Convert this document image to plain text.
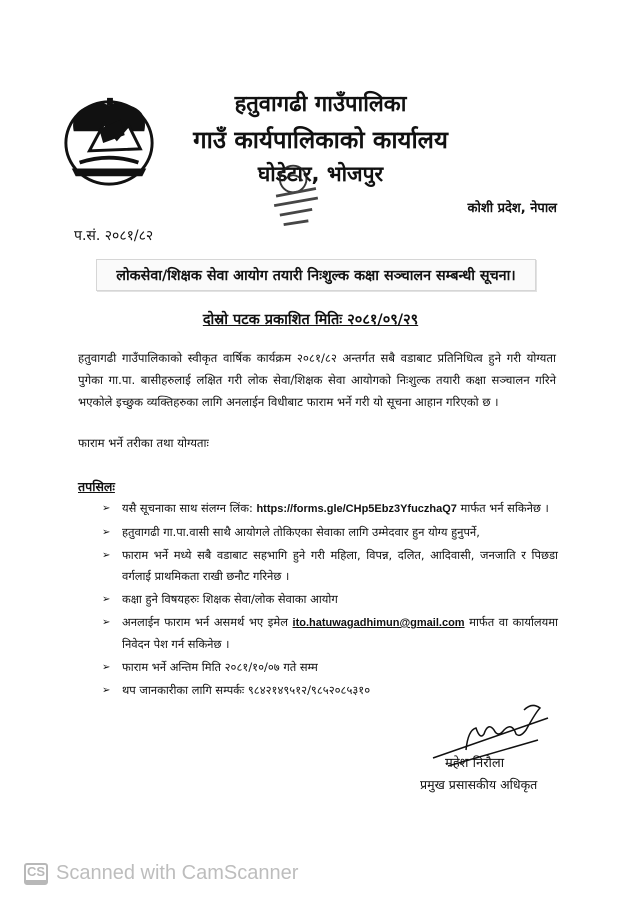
हतुवागढी गाउँपालिका
गाउँ कार्यपालिकाको कार्यालय
घोडेटार, भोजपुर
कोशी प्रदेश, नेपाल
प.सं. २०८१/८२
लोकसेवा/शिक्षक सेवा आयोग तयारी निःशुल्क कक्षा सञ्चालन सम्बन्धी सूचना।
दोस्रो पटक प्रकाशित मितिः २०८१/०९/२९
हतुवागढी गाउँपालिकाको स्वीकृत वार्षिक कार्यक्रम २०८१/८२ अन्तर्गत सबै वडाबाट प्रतिनिधित्व हुने गरी योग्यता पुगेका गा.पा. बासीहरुलाई लक्षित गरी लोक सेवा/शिक्षक सेवा आयोगको निःशुल्क तयारी कक्षा सञ्चालन गरिने भएकोले इच्छुक व्यक्तिहरुका लागि अनलाईन विधीबाट फाराम भर्ने गरी यो सूचना आहान गरिएको छ ।
फाराम भर्ने तरीका तथा योग्यताः
तपसिलः
➢ यसै सूचनाका साथ संलग्न लिंक: https://forms.gle/CHp5Ebz3YfuczhaQ7 मार्फत भर्न सकिनेछ ।
➢ हतुवागढी गा.पा.वासी साथै आयोगले तोकिएका सेवाका लागि उम्मेदवार हुन योग्य हुनुपर्ने,
➢ फाराम भर्ने मध्ये सबै वडाबाट सहभागि हुने गरी महिला, विपन्न, दलित, आदिवासी, जनजाति र पिछडा वर्गलाई प्राथमिकता राखी छनौट गरिनेछ ।
➢ कक्षा हुने विषयहरुः शिक्षक सेवा/लोक सेवाका आयोग
➢ अनलाईन फाराम भर्न असमर्थ भए इमेल ito.hatuwagadhimun@gmail.com मार्फत वा कार्यालयमा निवेदन पेश गर्न सकिनेछ ।
➢ फाराम भर्ने अन्तिम मिति २०८१/१०/०७ गते सम्म
➢ थप जानकारीका लागि सम्पर्कः ९८४२१४९५१२/९८५२०८५३१०
महेश निरौला
प्रमुख प्रसासकीय अधिकृत
CS Scanned with CamScanner
